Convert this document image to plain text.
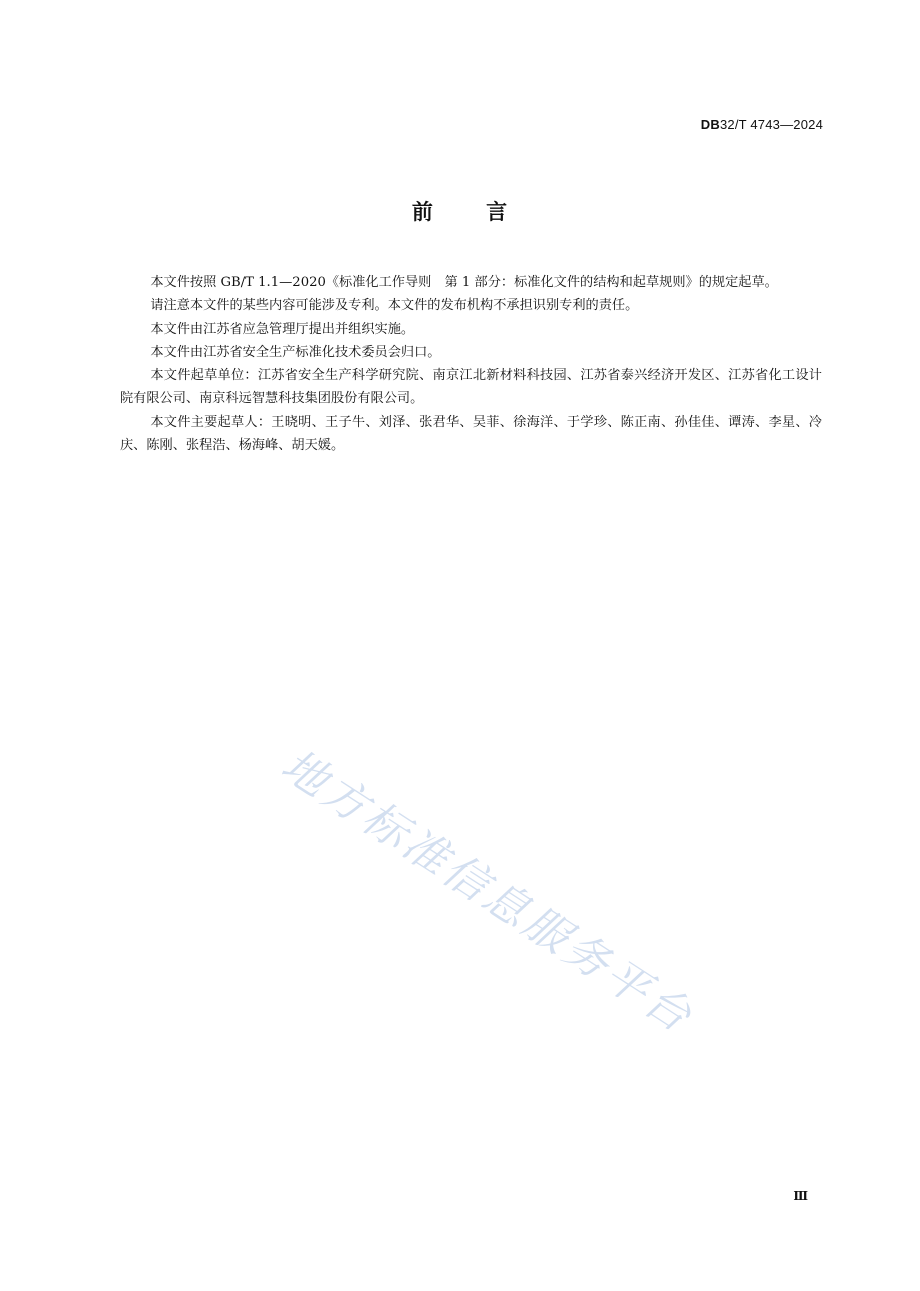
DB32/T 4743—2024
前 言

本文件按照 GB/T 1.1—2020《标准化工作导则　第 1 部分：标准化文件的结构和起草规则》的规定起草。

请注意本文件的某些内容可能涉及专利。本文件的发布机构不承担识别专利的责任。

本文件由江苏省应急管理厅提出并组织实施。

本文件由江苏省安全生产标准化技术委员会归口。

本文件起草单位：江苏省安全生产科学研究院、南京江北新材料科技园、江苏省泰兴经济开发区、江苏省化工设计院有限公司、南京科远智慧科技集团股份有限公司。

本文件主要起草人：王晓明、王子牛、刘泽、张君华、吴菲、徐海洋、于学珍、陈正南、孙佳佳、谭涛、李星、冷庆、陈刚、张程浩、杨海峰、胡天媛。

地方标准信息服务平台
Ⅲ
